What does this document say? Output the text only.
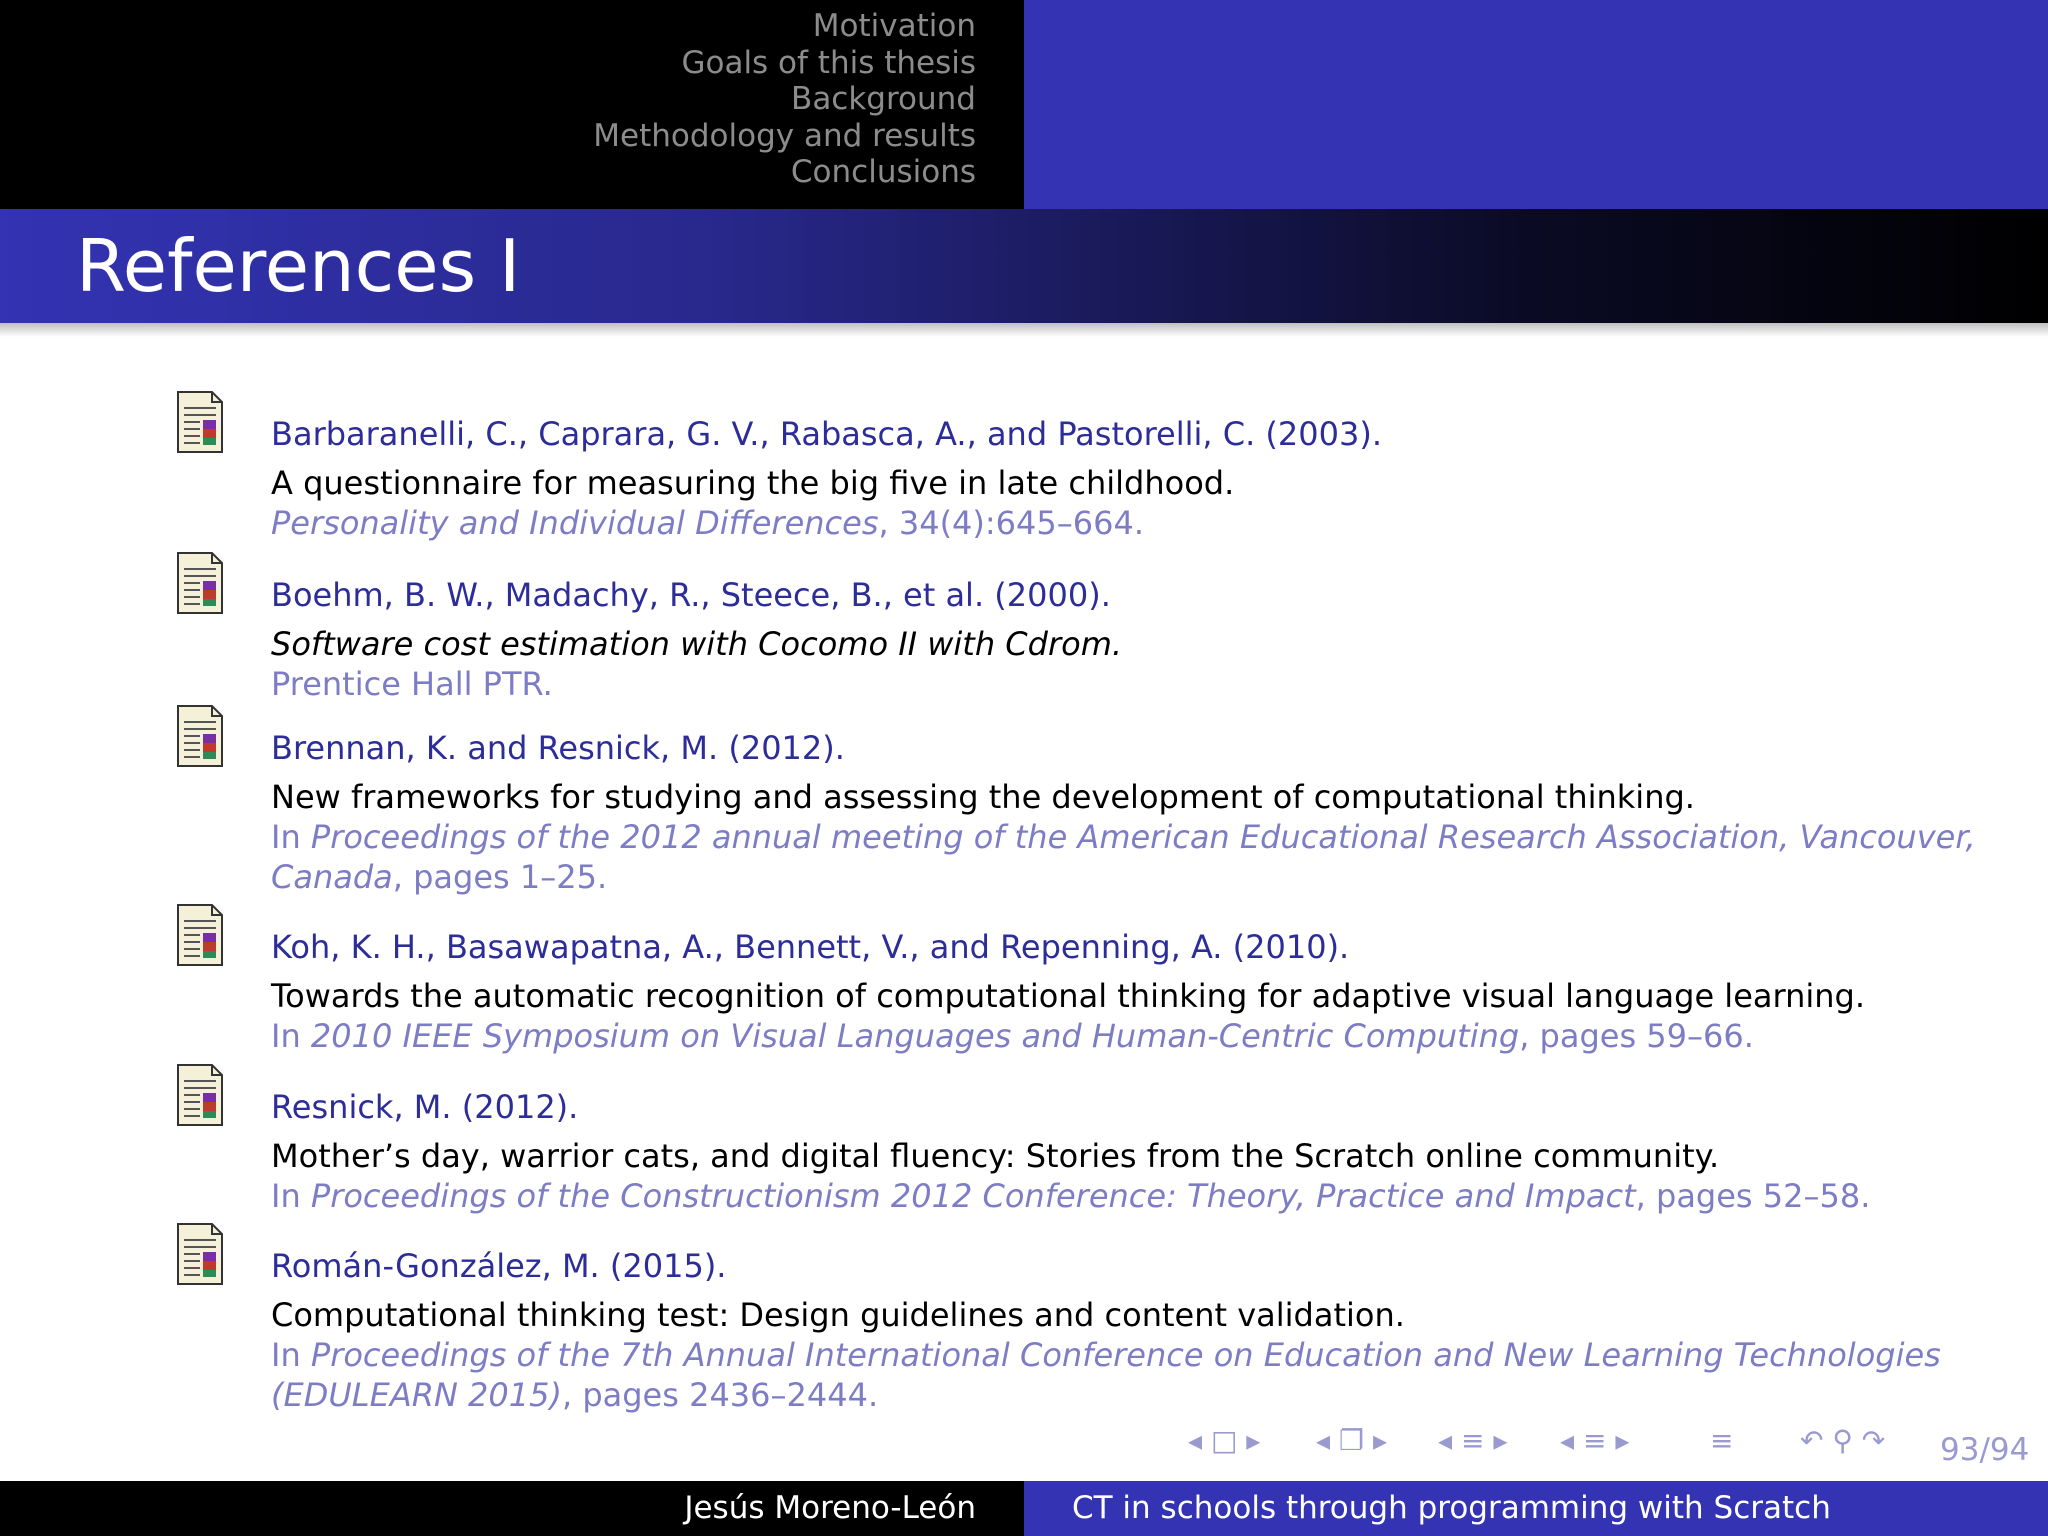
Motivation
Goals of this thesis
Background
Methodology and results
Conclusions
References I
Barbaranelli, C., Caprara, G. V., Rabasca, A., and Pastorelli, C. (2003).
A questionnaire for measuring the big five in late childhood.
Personality and Individual Differences, 34(4):645–664.
Boehm, B. W., Madachy, R., Steece, B., et al. (2000).
Software cost estimation with Cocomo II with Cdrom.
Prentice Hall PTR.
Brennan, K. and Resnick, M. (2012).
New frameworks for studying and assessing the development of computational thinking.
In Proceedings of the 2012 annual meeting of the American Educational Research Association, Vancouver,
Canada, pages 1–25.
Koh, K. H., Basawapatna, A., Bennett, V., and Repenning, A. (2010).
Towards the automatic recognition of computational thinking for adaptive visual language learning.
In 2010 IEEE Symposium on Visual Languages and Human-Centric Computing, pages 59–66.
Resnick, M. (2012).
Mother’s day, warrior cats, and digital fluency: Stories from the Scratch online community.
In Proceedings of the Constructionism 2012 Conference: Theory, Practice and Impact, pages 52–58.
Román-González, M. (2015).
Computational thinking test: Design guidelines and content validation.
In Proceedings of the 7th Annual International Conference on Education and New Learning Technologies
(EDULEARN 2015), pages 2436–2444.
◂ □ ▸ ◂ ❐ ▸ ◂ ≡ ▸ ◂ ≡ ▸	≡ ↶ ⚲ ↷ 93/94
Jesús Moreno-León	CT in schools through programming with Scratch
